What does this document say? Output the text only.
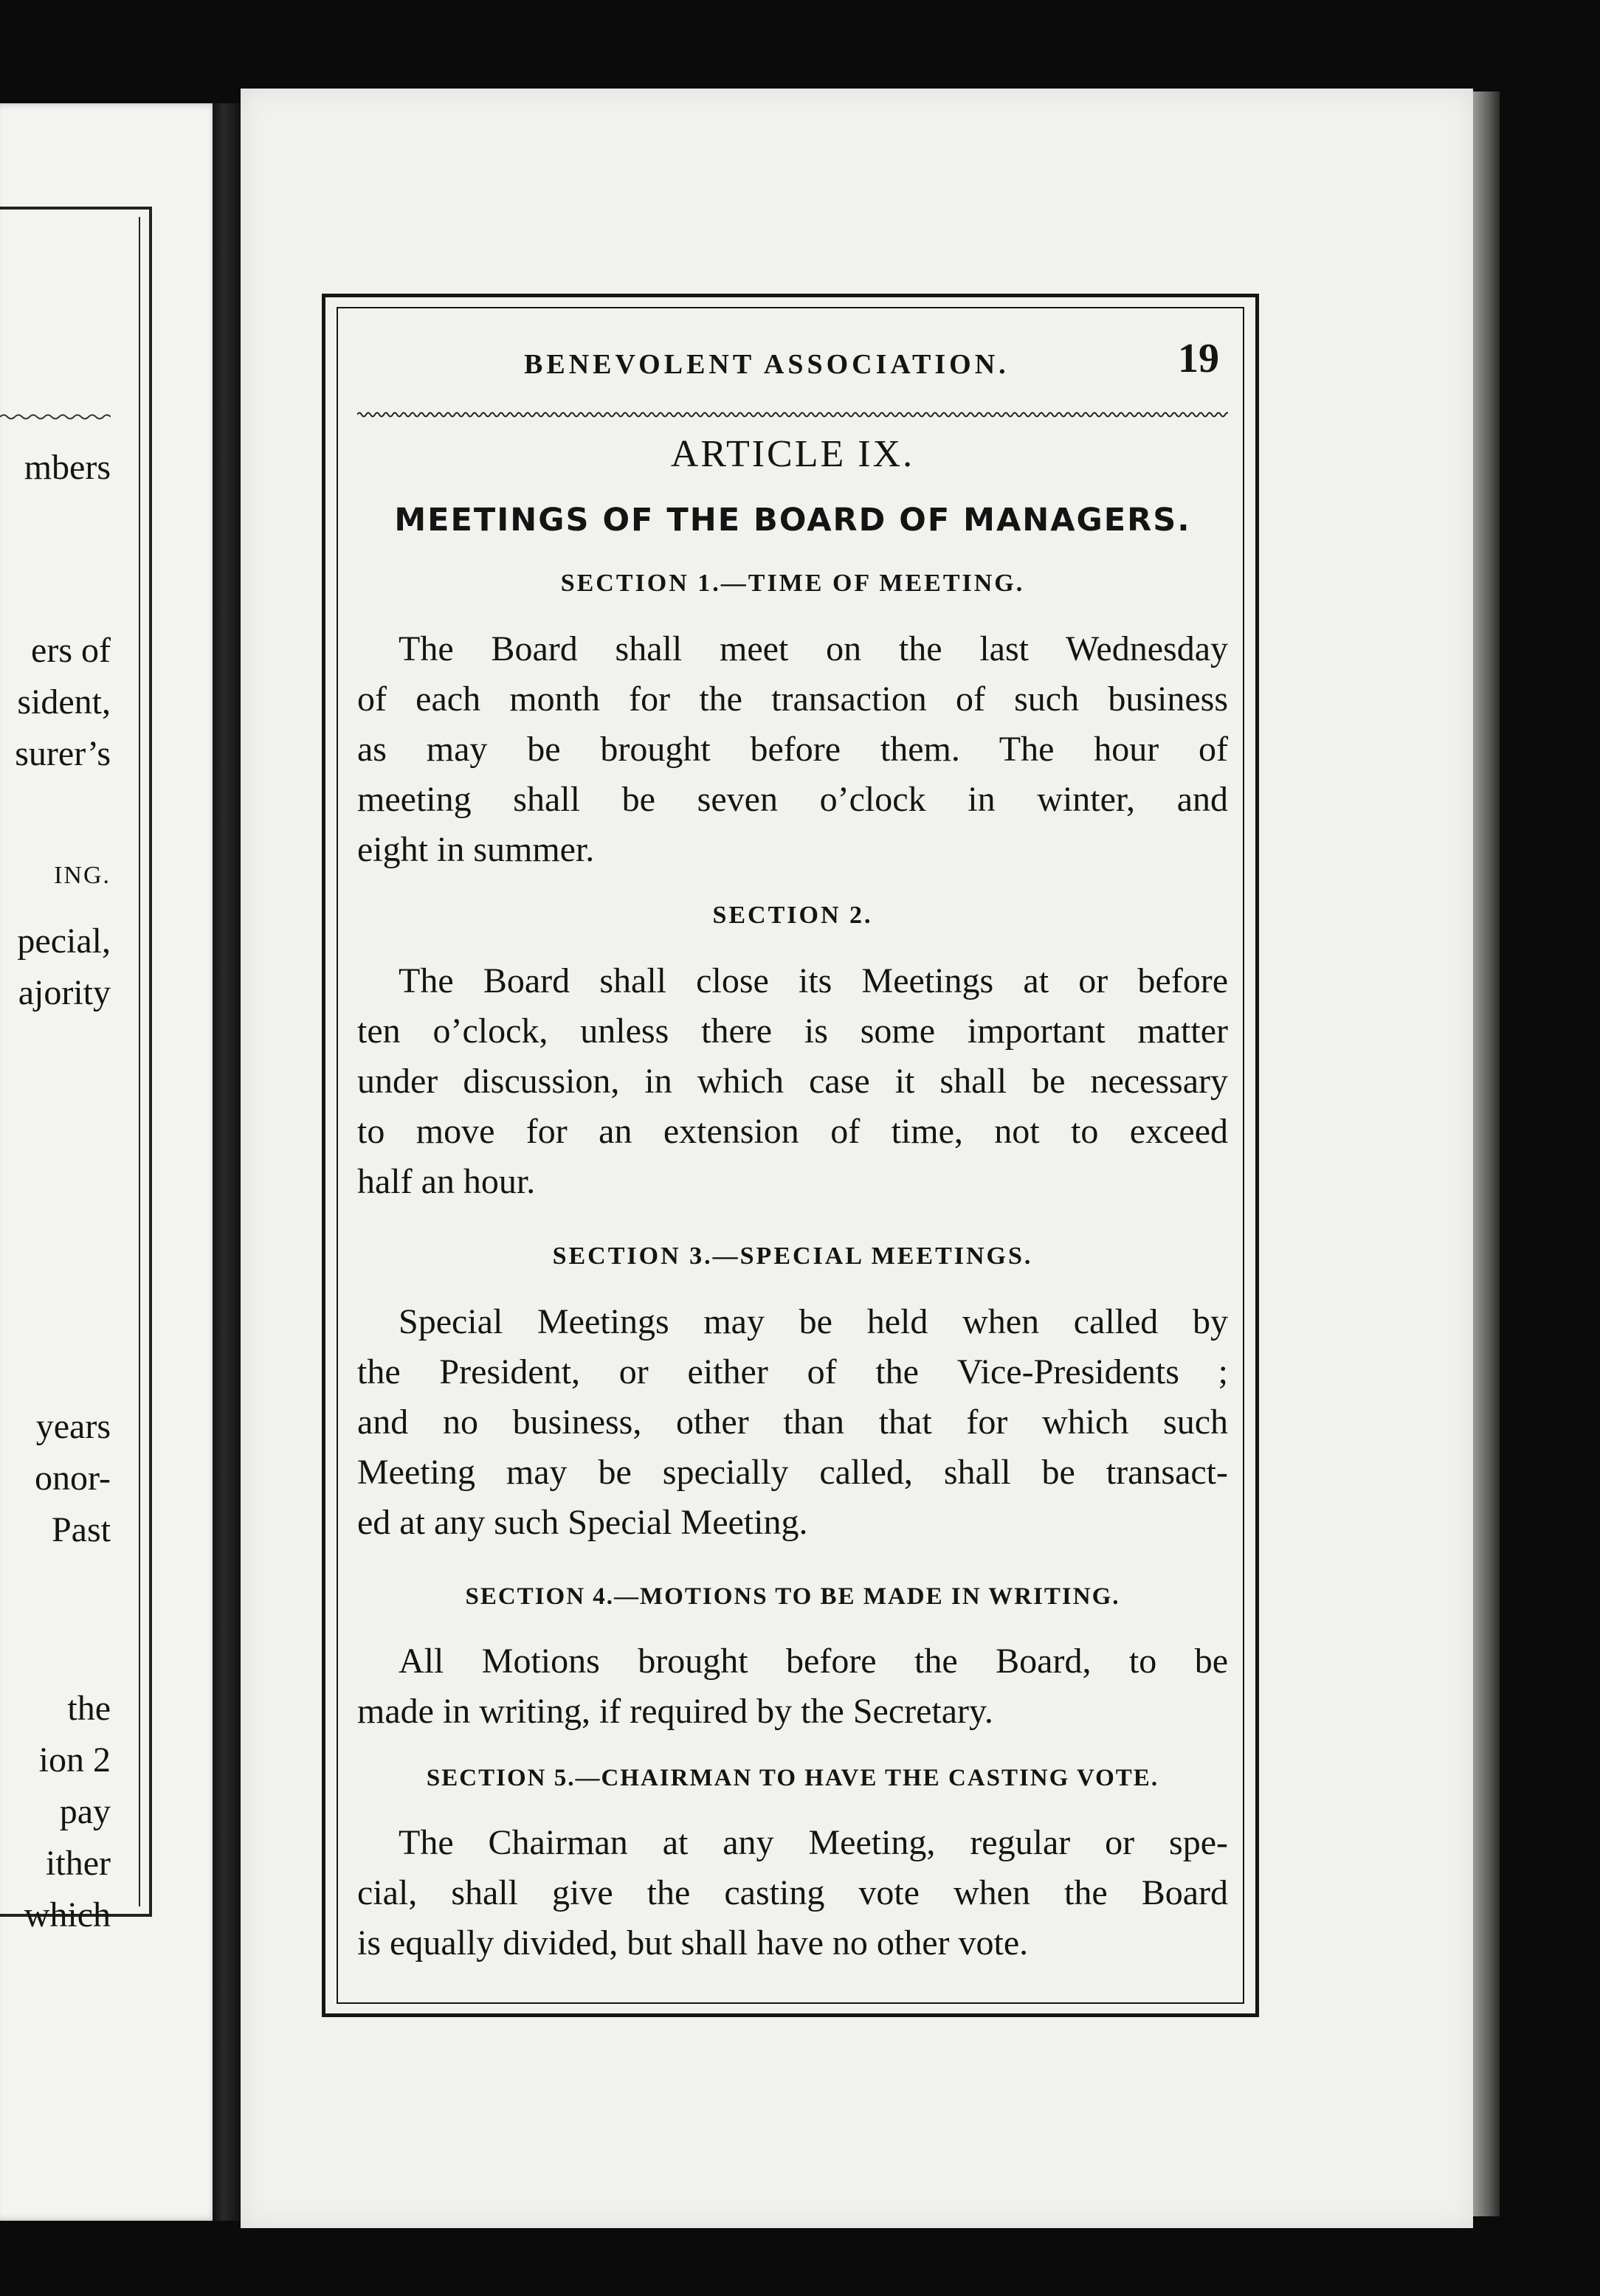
mbers
ers of
sident,
surer’s
ING.
pecial,
ajority
years
onor-
Past
the
ion 2
pay
ither
which
BENEVOLENT ASSOCIATION.	19
ARTICLE IX.
MEETINGS OF THE BOARD OF MANAGERS.
SECTION 1.—TIME OF MEETING.
The Board shall meet on the last Wednesday
of each month for the transaction of such business
as may be brought before them. The hour of
meeting shall be seven o’clock in winter, and
eight in summer.
SECTION 2.
The Board shall close its Meetings at or before
ten o’clock, unless there is some important matter
under discussion, in which case it shall be necessary
to move for an extension of time, not to exceed
half an hour.
SECTION 3.—SPECIAL MEETINGS.
Special Meetings may be held when called by
the President, or either of the Vice-Presidents ;
and no business, other than that for which such
Meeting may be specially called, shall be transact-
ed at any such Special Meeting.
SECTION 4.—MOTIONS TO BE MADE IN WRITING.
All Motions brought before the Board, to be
made in writing, if required by the Secretary.
SECTION 5.—CHAIRMAN TO HAVE THE CASTING VOTE.
The Chairman at any Meeting, regular or spe-
cial, shall give the casting vote when the Board
is equally divided, but shall have no other vote.
